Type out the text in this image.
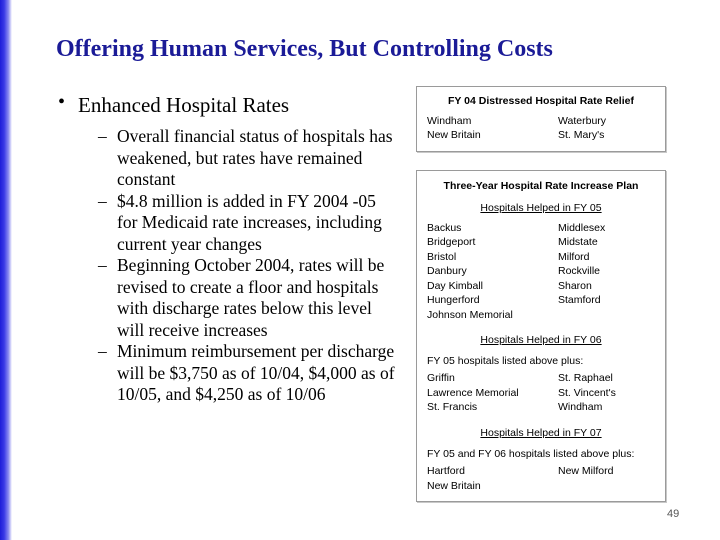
Offering Human Services, But Controlling Costs
• Enhanced Hospital Rates
– Overall financial status of hospitals has weakened, but rates have remained constant
– $4.8 million is added in FY 2004 -05 for Medicaid rate increases, including current year changes
– Beginning October 2004, rates will be revised to create a floor and hospitals with discharge rates below this level will receive increases
– Minimum reimbursement per discharge will be $3,750 as of 10/04, $4,000 as of 10/05, and $4,250 as of 10/06
FY 04 Distressed Hospital Rate Relief
Windham	Waterbury
New Britain	St. Mary's
Three-Year Hospital Rate Increase Plan
Hospitals Helped in FY 05
Backus	Middlesex
Bridgeport	Midstate
Bristol	Milford
Danbury	Rockville
Day Kimball	Sharon
Hungerford	Stamford
Johnson Memorial
Hospitals Helped in FY 06
FY 05 hospitals listed above plus:
Griffin	St. Raphael
Lawrence Memorial	St. Vincent's
St. Francis	Windham
Hospitals Helped in FY 07
FY 05 and FY 06 hospitals listed above plus:
Hartford	New Milford
New Britain
49
